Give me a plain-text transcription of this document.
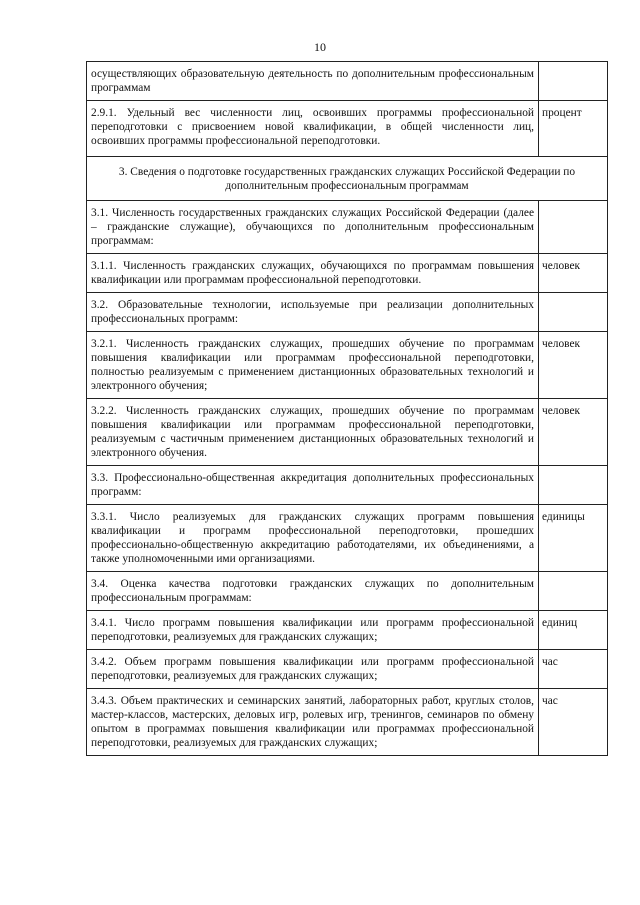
10
осуществляющих образовательную деятельность по дополнительным профессиональным программам	
2.9.1. Удельный вес численности лиц, освоивших программы профессиональной переподготовки с присвоением новой квалификации, в общей численности лиц, освоивших программы профессиональной переподготовки.	процент
3. Сведения о подготовке государственных гражданских служащих Российской Федерации по дополнительным профессиональным программам	
3.1. Численность государственных гражданских служащих Российской Федерации (далее – гражданские служащие), обучающихся по дополнительным профессиональным программам:	
3.1.1. Численность гражданских служащих, обучающихся по программам повышения квалификации или программам профессиональной переподготовки.	человек
3.2. Образовательные технологии, используемые при реализации дополнительных профессиональных программ:	
3.2.1. Численность гражданских служащих, прошедших обучение по программам повышения квалификации или программам профессиональной переподготовки, полностью реализуемым с применением дистанционных образовательных технологий и электронного обучения;	человек
3.2.2. Численность гражданских служащих, прошедших обучение по программам повышения квалификации или программам профессиональной переподготовки, реализуемым с частичным применением дистанционных образовательных технологий и электронного обучения.	человек
3.3. Профессионально-общественная аккредитация дополнительных профессиональных программ:	
3.3.1. Число реализуемых для гражданских служащих программ повышения квалификации и программ профессиональной переподготовки, прошедших профессионально-общественную аккредитацию работодателями, их объединениями, а также уполномоченными ими организациями.	единицы
3.4. Оценка качества подготовки гражданских служащих по дополнительным профессиональным программам:	
3.4.1. Число программ повышения квалификации или программ профессиональной переподготовки, реализуемых для гражданских служащих;	единиц
3.4.2. Объем программ повышения квалификации или программ профессиональной переподготовки, реализуемых для гражданских служащих;	час
3.4.3. Объем практических и семинарских занятий, лабораторных работ, круглых столов, мастер-классов, мастерских, деловых игр, ролевых игр, тренингов, семинаров по обмену опытом в программах повышения квалификации или программах профессиональной переподготовки, реализуемых для гражданских служащих;	час
